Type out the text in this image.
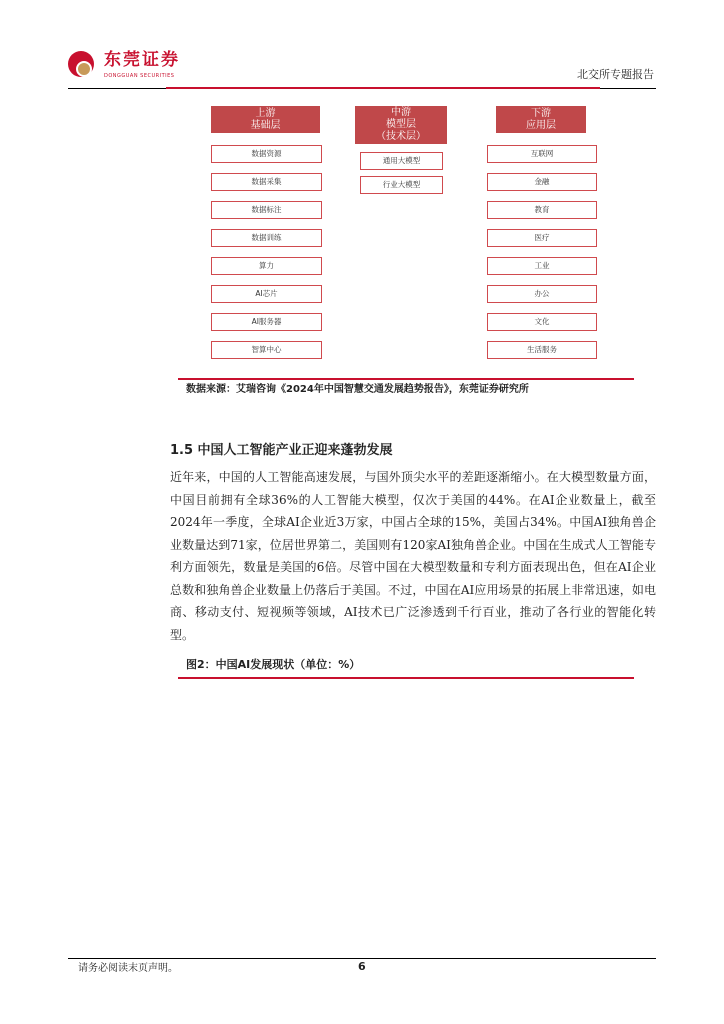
东莞证券
DONGGUAN SECURITIES	北交所专题报告
上游
基础层
中游
模型层
（技术层）
下游
应用层
数据资源
数据采集
数据标注
数据训练
算力
AI芯片
AI服务器
智算中心
通用大模型
行业大模型
互联网
金融
教育
医疗
工业
办公
文化
生活服务
数据来源：艾瑞咨询《2024年中国智慧交通发展趋势报告》，东莞证券研究所
1.5 中国人工智能产业正迎来蓬勃发展

近年来，中国的人工智能高速发展，与国外顶尖水平的差距逐渐缩小。在大模型数量方面，中国目前拥有全球36%的人工智能大模型，仅次于美国的44%。在AI企业数量上，截至2024年一季度，全球AI企业近3万家，中国占全球的15%，美国占34%。中国AI独角兽企业数量达到71家，位居世界第二，美国则有120家AI独角兽企业。中国在生成式人工智能专利方面领先，数量是美国的6倍。尽管中国在大模型数量和专利方面表现出色，但在AI企业总数和独角兽企业数量上仍落后于美国。不过，中国在AI应用场景的拓展上非常迅速，如电商、移动支付、短视频等领域，AI技术已广泛渗透到千行百业，推动了各行业的智能化转型。

图2：中国AI发展现状（单位：%）
请务必阅读末页声明。	6
